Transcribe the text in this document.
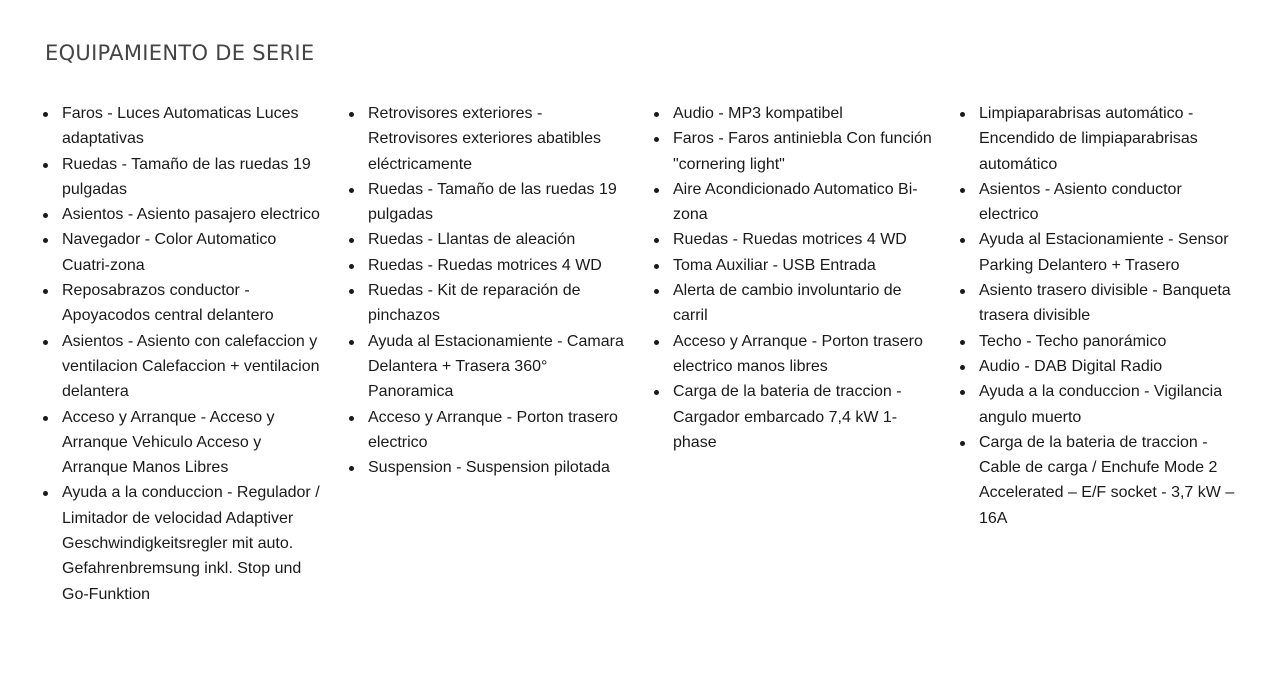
EQUIPAMIENTO DE SERIE
Faros - Luces Automaticas Luces adaptativas
Ruedas - Tamaño de las ruedas 19 pulgadas
Asientos - Asiento pasajero electrico
Navegador - Color Automatico Cuatri-zona
Reposabrazos conductor - Apoyacodos central delantero
Asientos - Asiento con calefaccion y ventilacion Calefaccion + ventilacion delantera
Acceso y Arranque - Acceso y Arranque Vehiculo Acceso y Arranque Manos Libres
Ayuda a la conduccion - Regulador / Limitador de velocidad Adaptiver Geschwindigkeitsregler mit auto. Gefahrenbremsung inkl. Stop und Go-Funktion
Retrovisores exteriores - Retrovisores exteriores abatibles eléctricamente
Ruedas - Tamaño de las ruedas 19 pulgadas
Ruedas - Llantas de aleación
Ruedas - Ruedas motrices 4 WD
Ruedas - Kit de reparación de pinchazos
Ayuda al Estacionamiente - Camara Delantera + Trasera 360° Panoramica
Acceso y Arranque - Porton trasero electrico
Suspension - Suspension pilotada
Audio - MP3 kompatibel
Faros - Faros antiniebla Con función "cornering light"
Aire Acondicionado Automatico Bi-zona
Ruedas - Ruedas motrices 4 WD
Toma Auxiliar - USB Entrada
Alerta de cambio involuntario de carril
Acceso y Arranque - Porton trasero electrico manos libres
Carga de la bateria de traccion - Cargador embarcado 7,4 kW 1-phase
Limpiaparabrisas automático - Encendido de limpiaparabrisas automático
Asientos - Asiento conductor electrico
Ayuda al Estacionamiente - Sensor Parking Delantero + Trasero
Asiento trasero divisible - Banqueta trasera divisible
Techo - Techo panorámico
Audio - DAB Digital Radio
Ayuda a la conduccion - Vigilancia angulo muerto
Carga de la bateria de traccion - Cable de carga / Enchufe Mode 2 Accelerated – E/F socket - 3,7 kW – 16A
